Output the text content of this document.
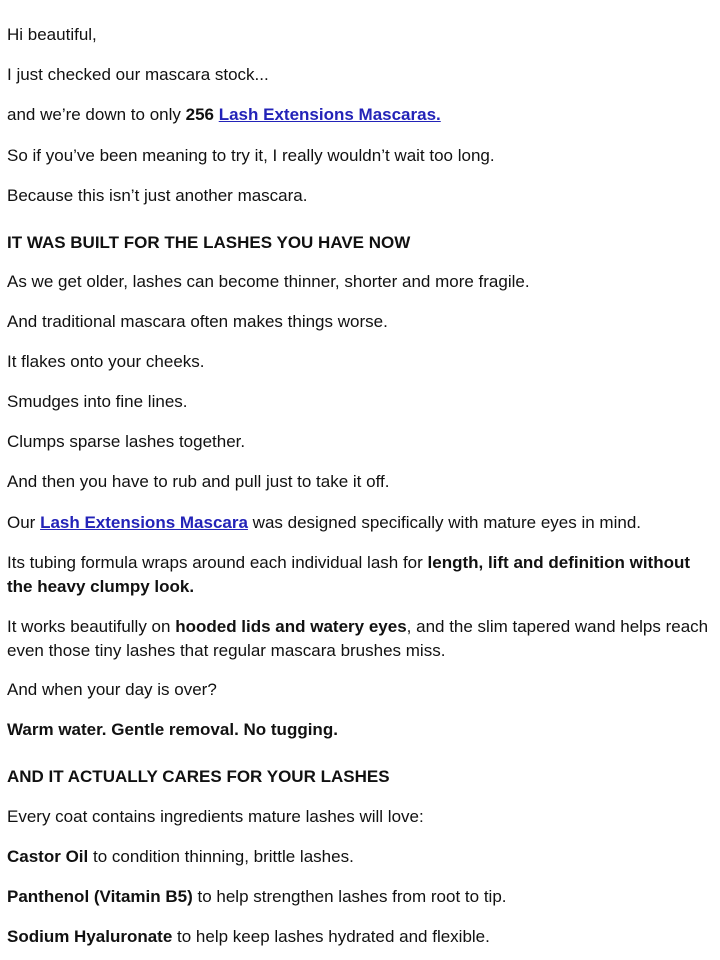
Hi beautiful,

I just checked our mascara stock...

and we’re down to only 256 Lash Extensions Mascaras.

So if you’ve been meaning to try it, I really wouldn’t wait too long.

Because this isn’t just another mascara.

IT WAS BUILT FOR THE LASHES YOU HAVE NOW

As we get older, lashes can become thinner, shorter and more fragile.

And traditional mascara often makes things worse.

It flakes onto your cheeks.

Smudges into fine lines.

Clumps sparse lashes together.

And then you have to rub and pull just to take it off.

Our Lash Extensions Mascara was designed specifically with mature eyes in mind.

Its tubing formula wraps around each individual lash for length, lift and definition without the heavy clumpy look.

It works beautifully on hooded lids and watery eyes, and the slim tapered wand helps reach even those tiny lashes that regular mascara brushes miss.

And when your day is over?

Warm water. Gentle removal. No tugging.

AND IT ACTUALLY CARES FOR YOUR LASHES

Every coat contains ingredients mature lashes will love:

Castor Oil to condition thinning, brittle lashes.

Panthenol (Vitamin B5) to help strengthen lashes from root to tip.

Sodium Hyaluronate to help keep lashes hydrated and flexible.
